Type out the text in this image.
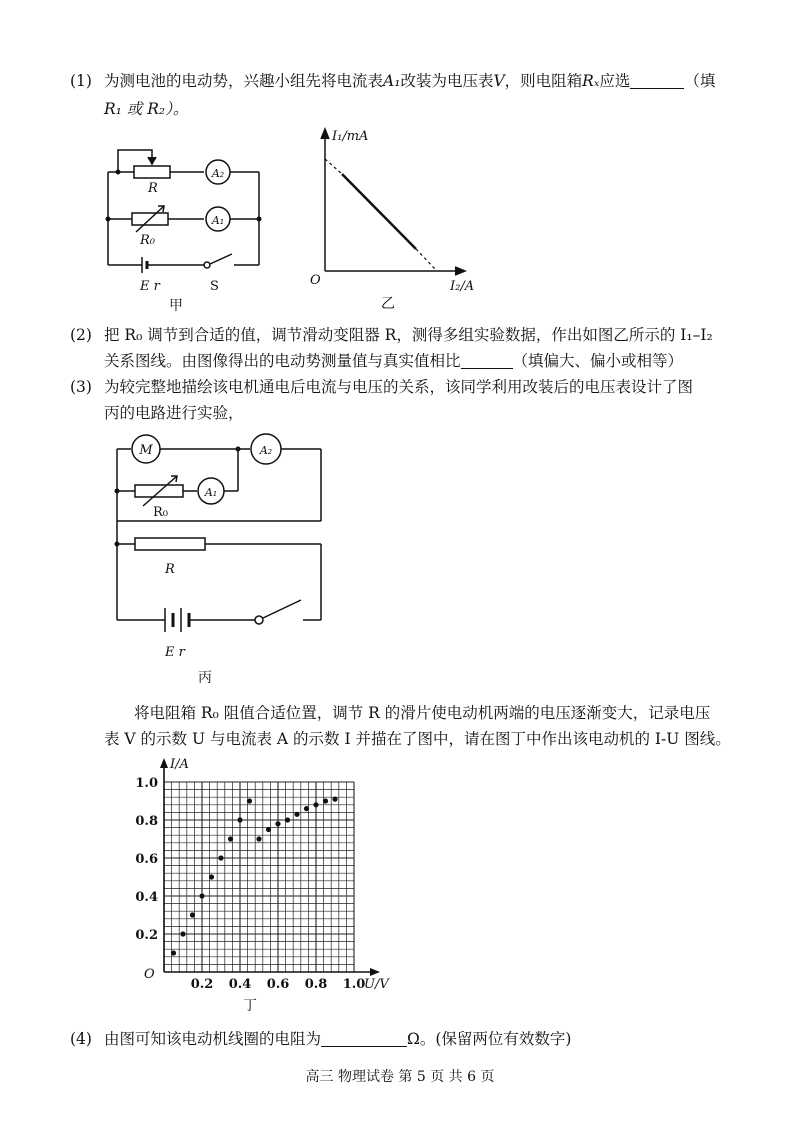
(1) 为测电池的电动势，兴趣小组先将电流表A₁改装为电压表V，则电阻箱Rₓ应选	（填
R₁ 或 R₂）。
R
R₀
A₂
A₁
E r	S
甲
I₁/mA
I₂/A
O
乙
(2) 把 R₀ 调节到合适的值，调节滑动变阻器 R，测得多组实验数据，作出如图乙所示的 I₁–I₂
关系图线。由图像得出的电动势测量值与真实值相比	（填偏大、偏小或相等）
(3) 为较完整地描绘该电机通电后电流与电压的关系，该同学利用改装后的电压表设计了图
丙的电路进行实验，
M	A₂
A₁
R₀
R
E r
丙
将电阻箱 R₀ 阻值合适位置，调节 R 的滑片使电动机两端的电压逐渐变大，记录电压
表 V 的示数 U 与电流表 A 的示数 I 并描在了图中，请在图丁中作出该电动机的 I-U 图线。
0.2 0.4 0.6 0.8 1.0
0.2
0.4
0.6
0.8
1.0
I/A
U/V
O
丁
(4) 由图可知该电动机线圈的电阻为	Ω。(保留两位有效数字)
高三 物理试卷 第 5 页 共 6 页
